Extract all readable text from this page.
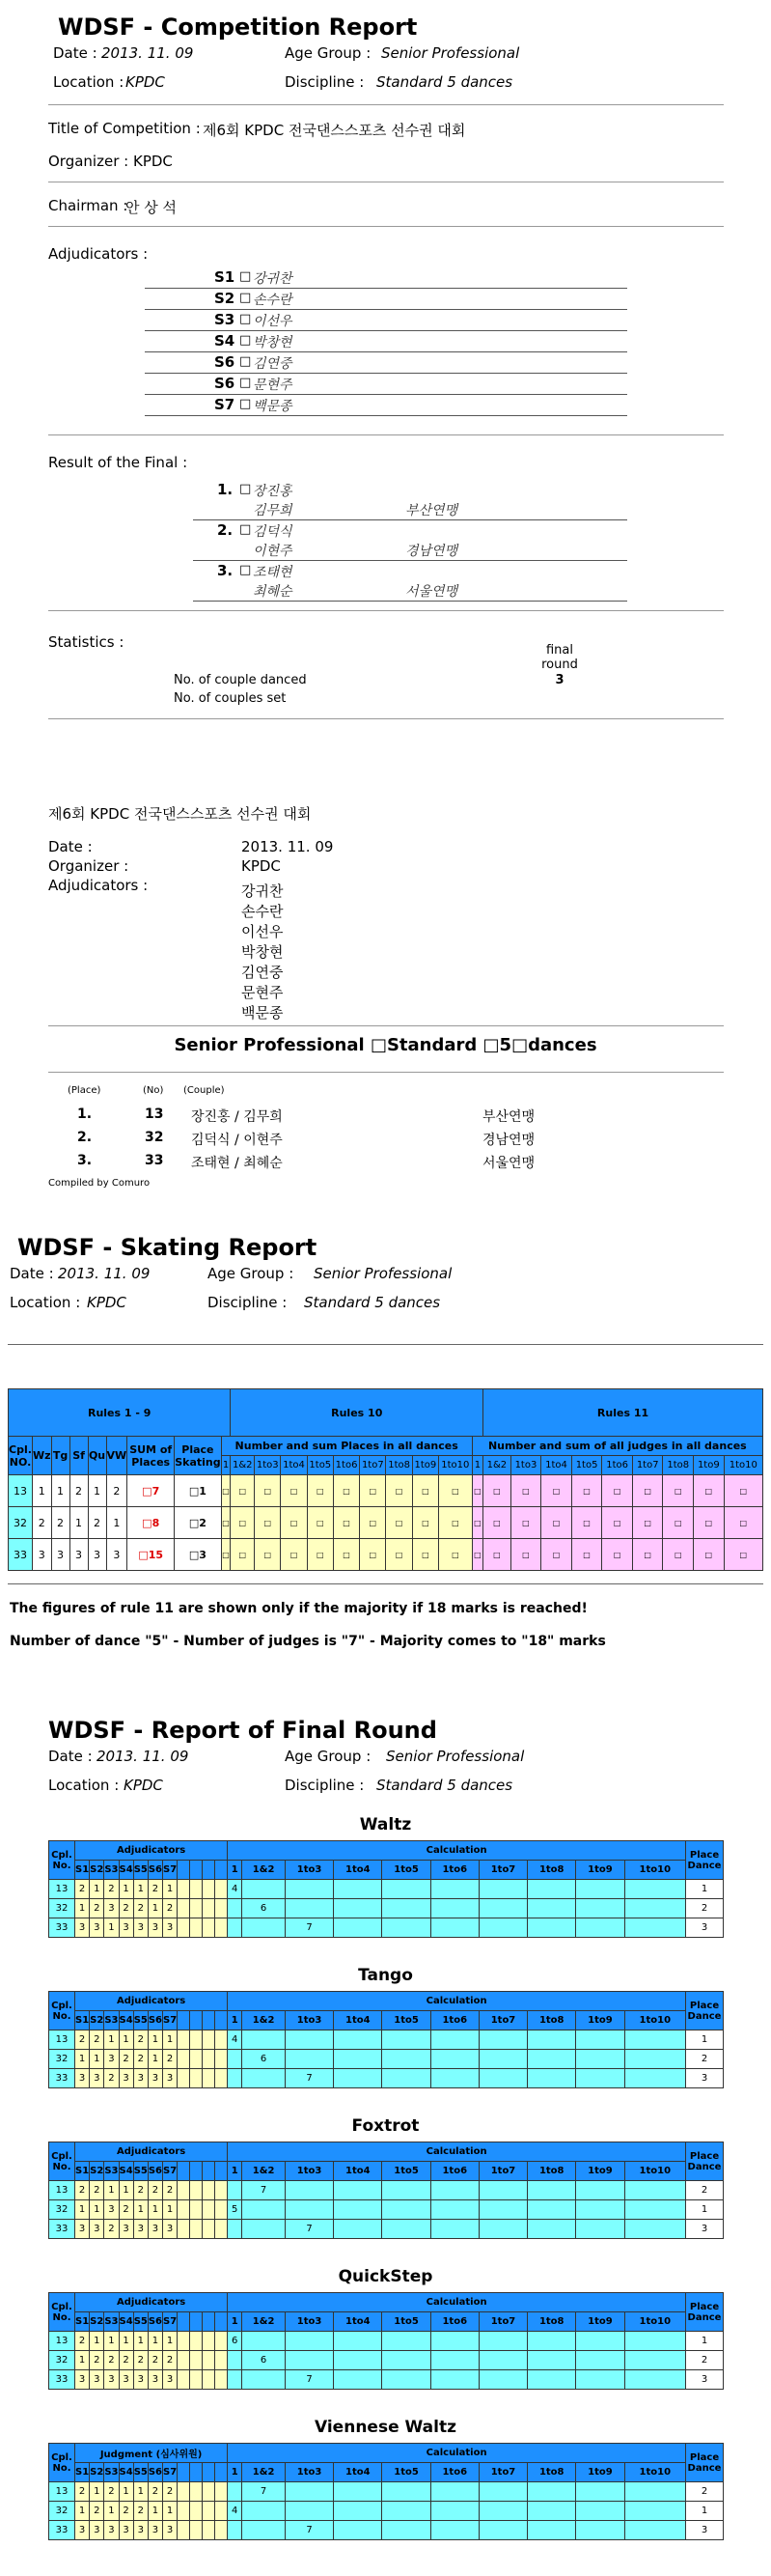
WDSF - Competition Report
Date : 2013. 11. 09	Age Group : Senior Professional
Location : KPDC	Discipline : Standard 5 dances
Title of Competition : 제6회 KPDC 전국댄스스포츠 선수권 대회
Organizer : KPDC
Chairman :
안 상 석
Adjudicators :
S1 □ 강귀찬
S2 □ 손수란
S3 □ 이선우
S4 □ 박창현
S6 □ 김연중
S6 □ 문현주
S7 □ 백문종
Result of the Final :
1. □ 장진홍
김무희	부산연맹
2. □ 김덕식
이현주	경남연맹
3. □ 조태현
최혜순	서울연맹
Statistics :	final
round
3
No. of couple danced
No. of couples set
제6회 KPDC 전국댄스스포츠 선수권 대회
Date :	2013. 11. 09
Organizer :	KPDC
Adjudicators :	강귀찬
손수란
이선우
박창현
김연중
문현주
백문종
Senior Professional □Standard □5□dances
(Place)	(No) (Couple)
1.	13 장진홍 / 김무희	부산연맹
2.	32 김덕식 / 이현주	경남연맹
3.	33 조태현 / 최혜순	서울연맹
Compiled by Comuro
WDSF - Skating Report
Date : 2013. 11. 09	Age Group : Senior Professional
Location : KPDC	Discipline : Standard 5 dances
Rules 1 - 9									Rules 10										Rules 11								
Cpl. NO.	Wz	Tg	Sf	Qu	VW	SUM of Places	Place Skating	Number and sum Places in all dances										Number and sum of all judges in all dances									
								1	1&2	1to3	1to4	1to5	1to6	1to7	1to8	1to9	1to10	1	1&2	1to3	1to4	1to5	1to6	1to7	1to8	1to9	1to10
13	1	1	2	1	2	□7	□1	□	□	□	□	□	□	□	□	□	□	□	□	□	□	□	□	□	□	□	□
32	2	2	1	2	1	□8	□2	□	□	□	□	□	□	□	□	□	□	□	□	□	□	□	□	□	□	□	□
33	3	3	3	3	3	□15	□3	□	□	□	□	□	□	□	□	□	□	□	□	□	□	□	□	□	□	□	□
The figures of rule 11 are shown only if the majority if 18 marks is reached!
Number of dance "5" - Number of judges is "7" - Majority comes to "18" marks
WDSF - Report of Final Round
Date : 2013. 11. 09	Age Group : Senior Professional
Location : KPDC	Discipline : Standard 5 dances
Waltz
Cpl. No.	Adjudicators											Calculation										Place Dance
	S1	S2	S3	S4	S5	S6	S7					1	1&2	1to3	1to4	1to5	1to6	1to7	1to8	1to9	1to10	
13	2	1	2	1	1	2	1					4										1
32	1	2	3	2	2	1	2						6									2
33	3	3	1	3	3	3	3							7								3
Tango
Cpl. No.	Adjudicators											Calculation										Place Dance
	S1	S2	S3	S4	S5	S6	S7					1	1&2	1to3	1to4	1to5	1to6	1to7	1to8	1to9	1to10	
13	2	2	1	1	2	1	1					4										1
32	1	1	3	2	2	1	2						6									2
33	3	3	2	3	3	3	3							7								3
Foxtrot
Cpl. No.	Adjudicators											Calculation										Place Dance
	S1	S2	S3	S4	S5	S6	S7					1	1&2	1to3	1to4	1to5	1to6	1to7	1to8	1to9	1to10	
13	2	2	1	1	2	2	2						7									2
32	1	1	3	2	1	1	1					5										1
33	3	3	2	3	3	3	3							7								3
QuickStep
Cpl. No.	Adjudicators											Calculation										Place Dance
	S1	S2	S3	S4	S5	S6	S7					1	1&2	1to3	1to4	1to5	1to6	1to7	1to8	1to9	1to10	
13	2	1	1	1	1	1	1					6										1
32	1	2	2	2	2	2	2						6									2
33	3	3	3	3	3	3	3							7								3
Viennese Waltz
Cpl. No.	Judgment (심사위원)											Calculation										Place Dance
	S1	S2	S3	S4	S5	S6	S7					1	1&2	1to3	1to4	1to5	1to6	1to7	1to8	1to9	1to10	
13	2	1	2	1	1	2	2						7									2
32	1	2	1	2	2	1	1					4										1
33	3	3	3	3	3	3	3							7								3
